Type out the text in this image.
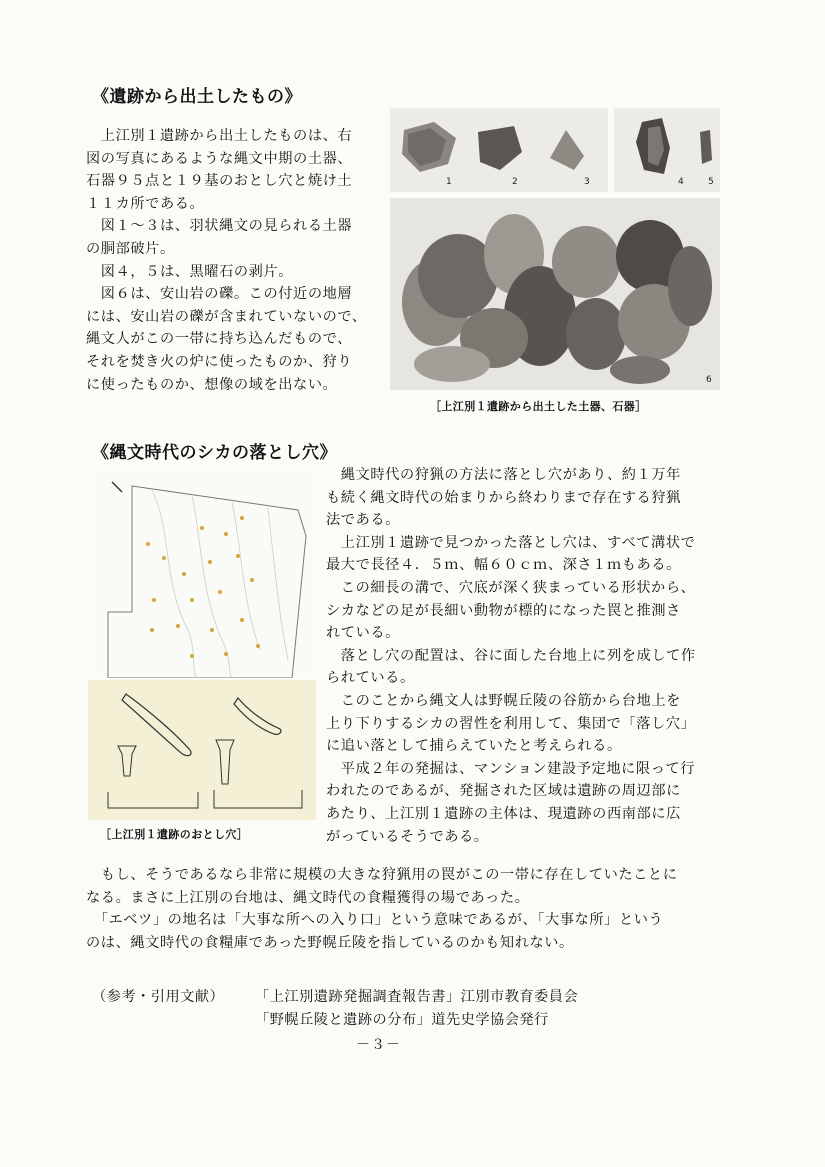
《遺跡から出土したもの》
　上江別１遺跡から出土したものは、右
図の写真にあるような縄文中期の土器、
石器９５点と１９基のおとし穴と焼け土
１１カ所である。
　図１～３は、羽状縄文の見られる土器
の胴部破片。
　図４，５は、黒曜石の剥片。
　図６は、安山岩の礫。この付近の地層
には、安山岩の礫が含まれていないので、
縄文人がこの一帯に持ち込んだもので、
それを焚き火の炉に使ったものか、狩り
に使ったものか、想像の域を出ない。
1	2	3	4	5
6
［上江別１遺跡から出土した土器、石器］
《縄文時代のシカの落とし穴》
［上江別１遺跡のおとし穴］
　縄文時代の狩猟の方法に落とし穴があり、約１万年
も続く縄文時代の始まりから終わりまで存在する狩猟
法である。
　上江別１遺跡で見つかった落とし穴は、すべて溝状で
最大で長径４．５ｍ、幅６０ｃｍ、深さ１ｍもある。
　この細長の溝で、穴底が深く狭まっている形状から、
シカなどの足が長細い動物が標的になった罠と推測さ
れている。
　落とし穴の配置は、谷に面した台地上に列を成して作
られている。
　このことから縄文人は野幌丘陵の谷筋から台地上を
上り下りするシカの習性を利用して、集団で「落し穴」
に追い落として捕らえていたと考えられる。
　平成２年の発掘は、マンション建設予定地に限って行
われたのであるが、発掘された区域は遺跡の周辺部に
あたり、上江別１遺跡の主体は、現遺跡の西南部に広
がっているそうである。
　もし、そうであるなら非常に規模の大きな狩猟用の罠がこの一帯に存在していたことに
なる。まさに上江別の台地は、縄文時代の食糧獲得の場であった。
　「エベツ」の地名は「大事な所への入り口」という意味であるが、「大事な所」という
のは、縄文時代の食糧庫であった野幌丘陵を指しているのかも知れない。
（参考・引用文献）	「上江別遺跡発掘調査報告書」江別市教育委員会
「野幌丘陵と遺跡の分布」道先史学協会発行
－３－
